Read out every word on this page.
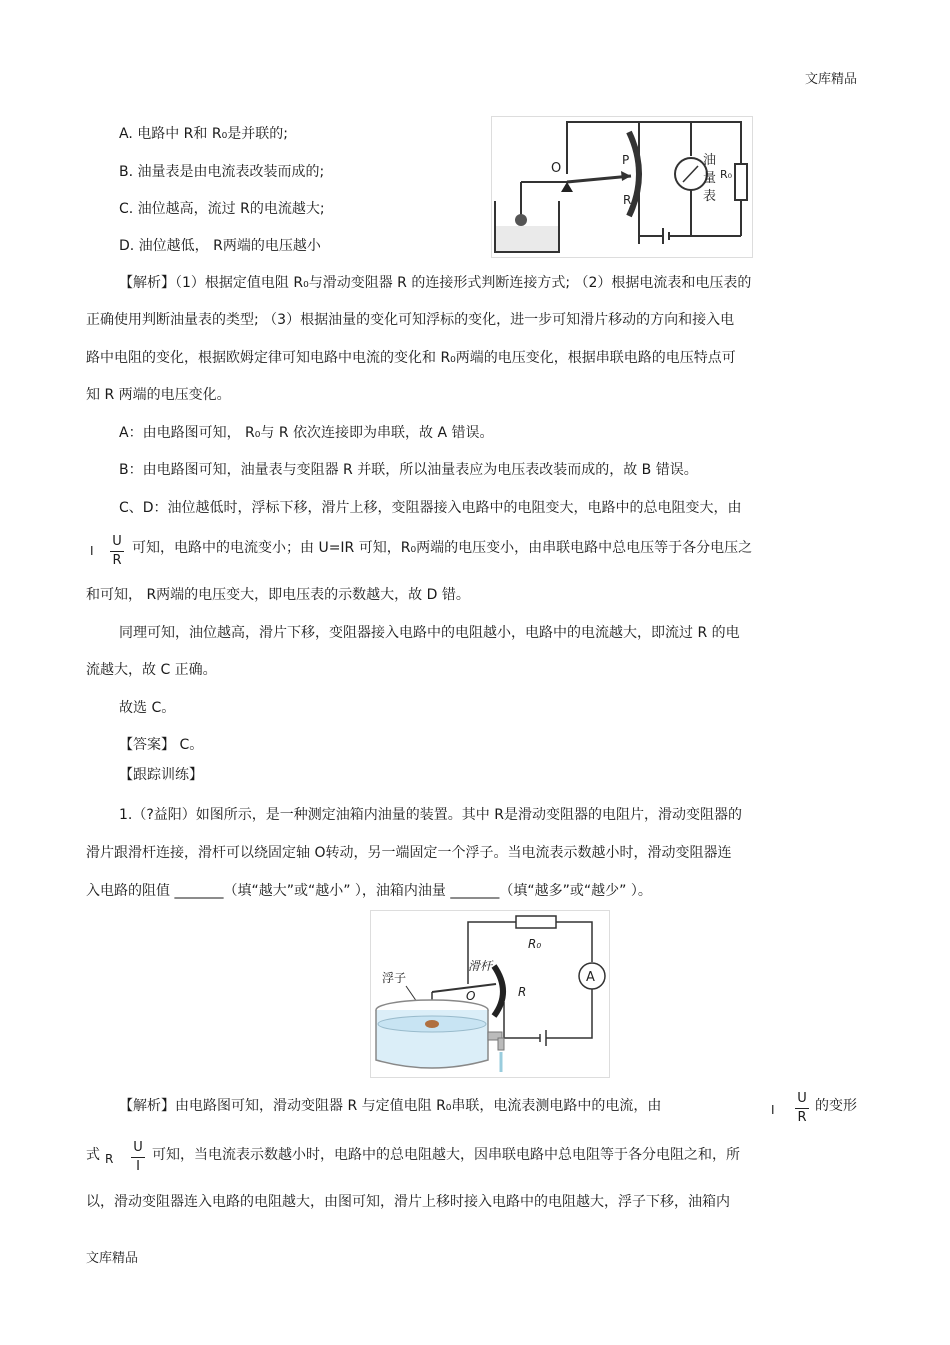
文库精品
文库精品
A. 电路中 R和 R₀是并联的;
B. 油量表是由电流表改装而成的;
C. 油位越高，流过 R的电流越大;
D. 油位越低， R两端的电压越小
R₀
油
量
表
O
P
R
【解析】（1）根据定值电阻 R₀与滑动变阻器 R 的连接形式判断连接方式; （2）根据电流表和电压表的
正确使用判断油量表的类型; （3）根据油量的变化可知浮标的变化，进一步可知滑片移动的方向和接入电
路中电阻的变化，根据欧姆定律可知电路中电流的变化和 R₀两端的电压变化，根据串联电路的电压特点可
知 R 两端的电压变化。
A：由电路图可知， R₀与 R 依次连接即为串联，故 A 错误。
B：由电路图可知，油量表与变阻器 R 并联，所以油量表应为电压表改装而成的，故 B 错误。
C、D：油位越低时，浮标下移，滑片上移，变阻器接入电路中的电阻变大，电路中的总电阻变大，由
I
U
R
可知，电路中的电流变小；由 U=IR 可知，R₀两端的电压变小，由串联电路中总电压等于各分电压之
和可知， R两端的电压变大，即电压表的示数越大，故 D 错。
同理可知，油位越高，滑片下移，变阻器接入电路中的电阻越小，电路中的电流越大，即流过 R 的电
流越大，故 C 正确。
故选 C。
【答案】 C。
【跟踪训练】
1.（?益阳）如图所示，是一种测定油箱内油量的装置。其中 R是滑动变阻器的电阻片，滑动变阻器的
滑片跟滑杆连接，滑杆可以绕固定轴 O转动，另一端固定一个浮子。当电流表示数越小时，滑动变阻器连
入电路的阻值 _______（填“越大”或“越小” ），油箱内油量 _______（填“越多”或“越少” ）。
A
R₀
R
滑杆
O
浮子
【解析】由电路图可知，滑动变阻器 R 与定值电阻 R₀串联，电流表测电路中的电流，由	I
U
R
的变形
式 R
U
I
可知，当电流表示数越小时，电路中的总电阻越大，因串联电路中总电阻等于各分电阻之和，所
以，滑动变阻器连入电路的电阻越大，由图可知，滑片上移时接入电路中的电阻越大，浮子下移，油箱内
